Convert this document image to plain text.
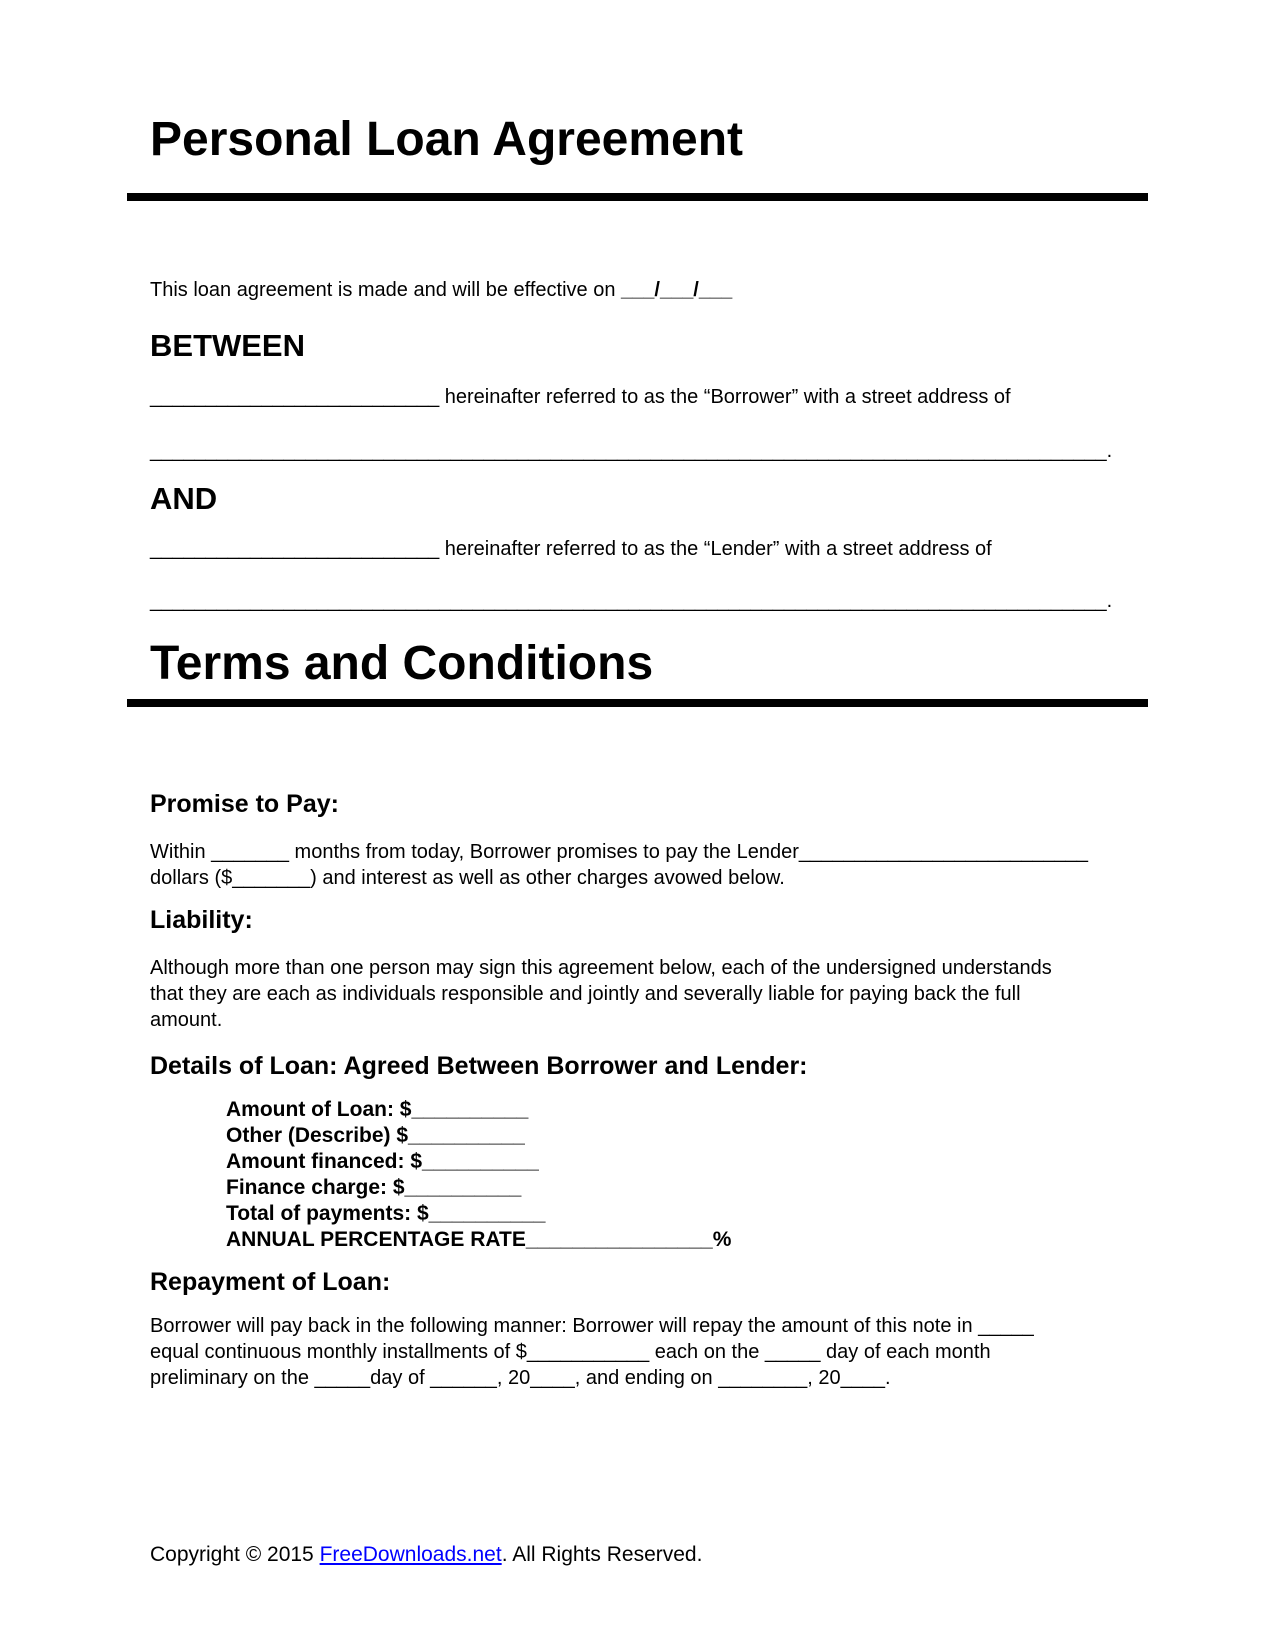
Personal Loan Agreement

This loan agreement is made and will be effective on ___/___/___

BETWEEN

__________________________ hereinafter referred to as the “Borrower” with a street address of

______________________________________________________________________________________.

AND

__________________________ hereinafter referred to as the “Lender” with a street address of

______________________________________________________________________________________.

Terms and Conditions
Promise to Pay:

Within _______ months from today, Borrower promises to pay the Lender__________________________
dollars ($_______) and interest as well as other charges avowed below.

Liability:

Although more than one person may sign this agreement below, each of the undersigned understands
that they are each as individuals responsible and jointly and severally liable for paying back the full
amount.

Details of Loan: Agreed Between Borrower and Lender:
Amount of Loan: $__________
Other (Describe) $__________
Amount financed: $__________
Finance charge: $__________
Total of payments: $__________
ANNUAL PERCENTAGE RATE________________%
Repayment of Loan:

Borrower will pay back in the following manner: Borrower will repay the amount of this note in _____
equal continuous monthly installments of $___________ each on the _____ day of each month
preliminary on the _____day of ______, 20____, and ending on ________, 20____.

Copyright © 2015 FreeDownloads.net. All Rights Reserved.
